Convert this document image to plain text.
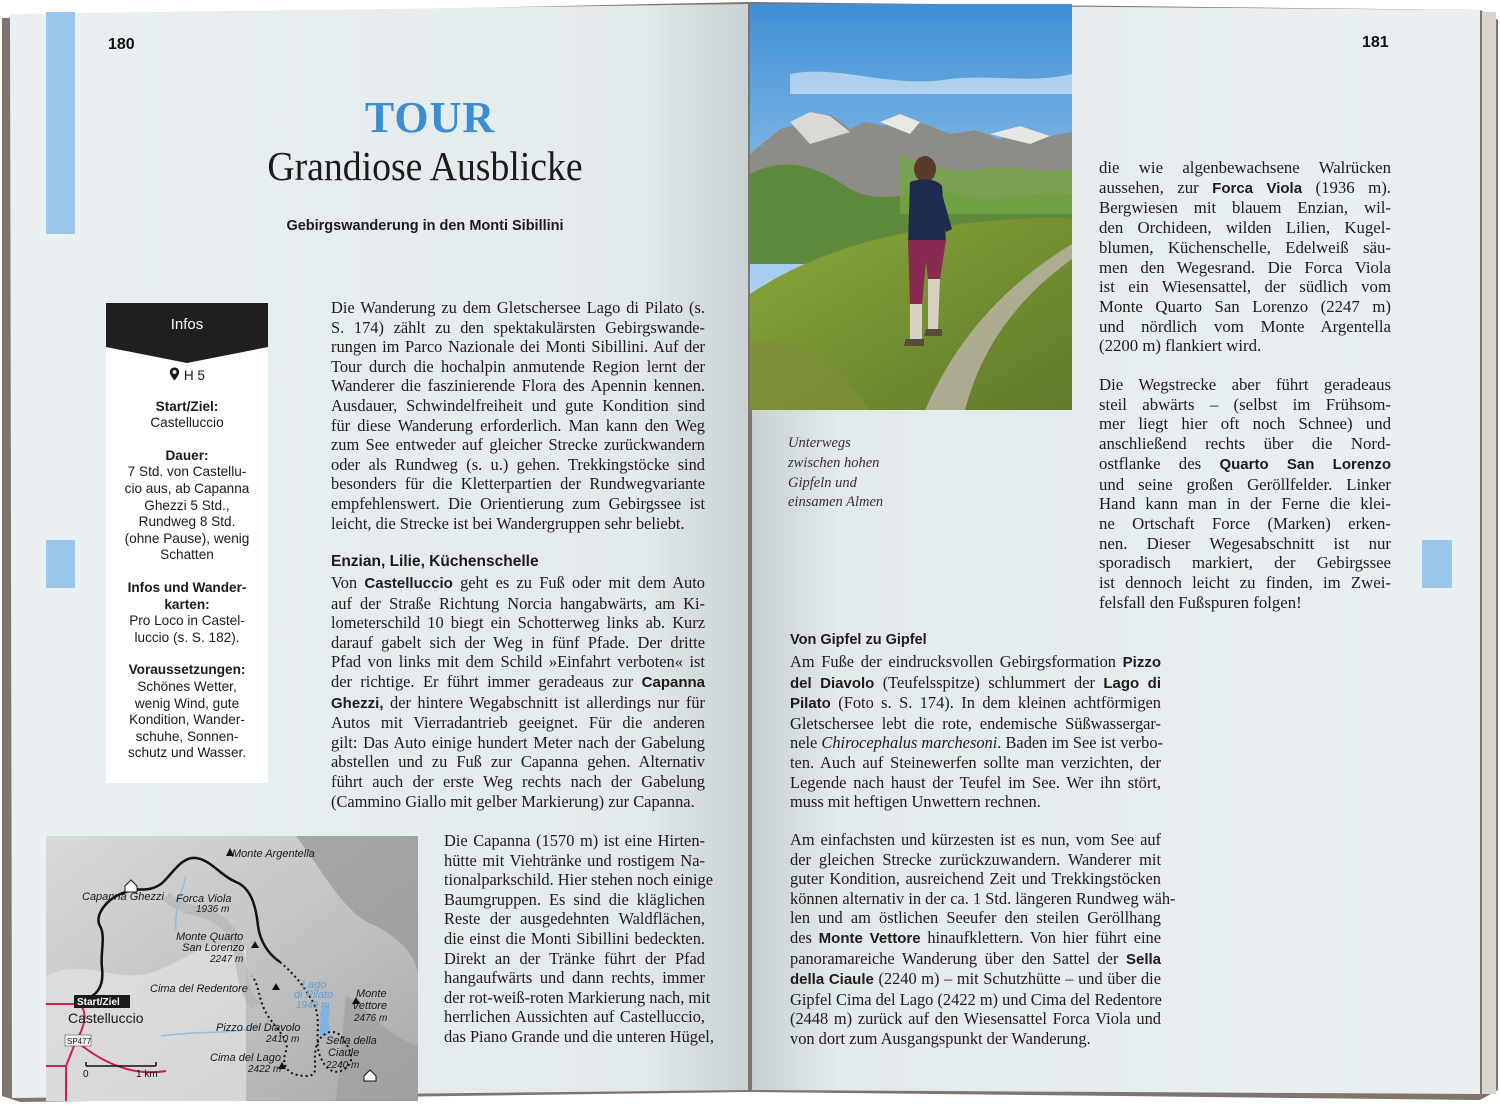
180
TOUR
Grandiose Ausblicke
Gebirgswanderung in den Monti Sibillini
Infos
H 5
Start/Ziel:
Castelluccio
Dauer:
7 Std. von Castellu-
cio aus, ab Capanna
Ghezzi 5 Std.,
Rundweg 8 Std.
(ohne Pause), wenig
Schatten
Infos und Wander-
karten:
Pro Loco in Castel-
luccio (s. S. 182).
Voraussetzungen:
Schönes Wetter,
wenig Wind, gute
Kondition, Wander-
schuhe, Sonnen-
schutz und Wasser.
Die Wanderung zu dem Gletschersee Lago di Pilato (s.
S. 174) zählt zu den spektakulärsten Gebirgswande-
rungen im Parco Nazionale dei Monti Sibillini. Auf der
Tour durch die hochalpin anmutende Region lernt der
Wanderer die faszinierende Flora des Apennin kennen.
Ausdauer, Schwindelfreiheit und gute Kondition sind
für diese Wanderung erforderlich. Man kann den Weg
zum See entweder auf gleicher Strecke zurückwandern
oder als Rundweg (s. u.) gehen. Trekkingstöcke sind
besonders für die Kletterpartien der Rundwegvariante
empfehlenswert. Die Orientierung zum Gebirgssee ist
leicht, die Strecke ist bei Wandergruppen sehr beliebt.
Enzian, Lilie, Küchenschelle
Von Castelluccio geht es zu Fuß oder mit dem Auto
auf der Straße Richtung Norcia hangabwärts, am Ki-
lometerschild 10 biegt ein Schotterweg links ab. Kurz
darauf gabelt sich der Weg in fünf Pfade. Der dritte
Pfad von links mit dem Schild »Einfahrt verboten« ist
der richtige. Er führt immer geradeaus zur Capanna
Ghezzi, der hintere Wegabschnitt ist allerdings nur für
Autos mit Vierradantrieb geeignet. Für die anderen
gilt: Das Auto einige hundert Meter nach der Gabelung
abstellen und zu Fuß zur Capanna gehen. Alternativ
führt auch der erste Weg rechts nach der Gabelung
(Cammino Giallo mit gelber Markierung) zur Capanna.
Die Capanna (1570 m) ist eine Hirten-
hütte mit Viehtränke und rostigem Na-
tionalparkschild. Hier stehen noch einige
Baumgruppen. Es sind die kläglichen
Reste der ausgedehnten Waldflächen,
die einst die Monti Sibillini bedeckten.
Direkt an der Tränke führt der Pfad
hangaufwärts und dann rechts, immer
der rot-weiß-roten Markierung nach, mit
herrlichen Aussichten auf Castelluccio,
das Piano Grande und die unteren Hügel,
Monte Argentella
Capanna Ghezzi Forca Viola
1936 m
Monte Quarto
San Lorenzo
2247 m
Cima del Redentore	Lago
di Pilato
1949 m
Monte
Vettore
2476 m
Pizzo del Diavolo
2410 m Sella della
Ciaule
2240 m
Cima del Lago
2422 m
Start/Ziel
Castelluccio
SP477
0	1 km
Unterwegs
zwischen hohen
Gipfeln und
einsamen Almen
181
die wie algenbewachsene Walrücken
aussehen, zur Forca Viola (1936 m).
Bergwiesen mit blauem Enzian, wil-
den Orchideen, wilden Lilien, Kugel-
blumen, Küchenschelle, Edelweiß säu-
men den Wegesrand. Die Forca Viola
ist ein Wiesensattel, der südlich vom
Monte Quarto San Lorenzo (2247 m)
und nördlich vom Monte Argentella
(2200 m) flankiert wird.
Die Wegstrecke aber führt geradeaus
steil abwärts – (selbst im Frühsom-
mer liegt hier oft noch Schnee) und
anschließend rechts über die Nord-
ostflanke des Quarto San Lorenzo
und seine großen Geröllfelder. Linker
Hand kann man in der Ferne die klei-
ne Ortschaft Force (Marken) erken-
nen. Dieser Wegesabschnitt ist nur
sporadisch markiert, der Gebirgssee
ist dennoch leicht zu finden, im Zwei-
felsfall den Fußspuren folgen!
Von Gipfel zu Gipfel
Am Fuße der eindrucksvollen Gebirgsformation Pizzo
del Diavolo (Teufelsspitze) schlummert der Lago di
Pilato (Foto s. S. 174). In dem kleinen achtförmigen
Gletschersee lebt die rote, endemische Süßwassergar-
nele Chirocephalus marchesoni. Baden im See ist verbo-
ten. Auch auf Steinewerfen sollte man verzichten, der
Legende nach haust der Teufel im See. Wer ihn stört,
muss mit heftigen Unwettern rechnen.
Am einfachsten und kürzesten ist es nun, vom See auf
der gleichen Strecke zurückzuwandern. Wanderer mit
guter Kondition, ausreichend Zeit und Trekkingstöcken
können alternativ in der ca. 1 Std. längeren Rundweg wäh-
len und am östlichen Seeufer den steilen Geröllhang
des Monte Vettore hinaufklettern. Von hier führt eine
panoramareiche Wanderung über den Sattel der Sella
della Ciaule (2240 m) – mit Schutzhütte – und über die
Gipfel Cima del Lago (2422 m) und Cima del Redentore
(2448 m) zurück auf den Wiesensattel Forca Viola und
von dort zum Ausgangspunkt der Wanderung.
